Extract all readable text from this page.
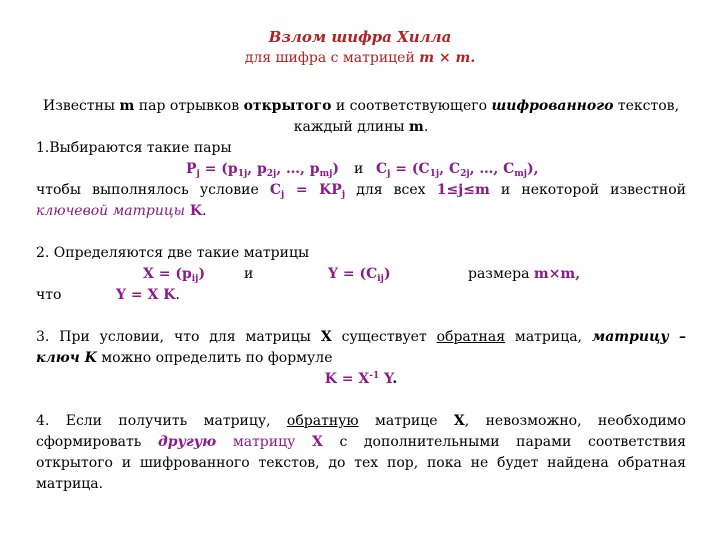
Взлом шифра Хилла
для шифра с матрицей m × m.
Известны m пар отрывков открытого и соответствующего шифрованного текстов,
каждый длины m.
1.Выбираются такие пары
$P_j = (p_{1j}$, $p_{2j}$, …, $p_{mj}$) и $C_j = (C_{1j}$, $C_{2j}$, …, $C_{mj}$),
чтобы выполнялось условие $C_j = KP_j$ для всех 1≤j≤m и некоторой известной
ключевой матрицы K.
2. Определяются две такие матрицы
$X = (p_{ij})$	и	$Y = (C_{ij})$	размера m×m,
что	Y = X K.
3. При условии, что для матрицы X существует обратная матрица, матрицу –
ключ K можно определить по формуле
$K = X^{-1}$ Y.
4. Если получить матрицу, обратную матрице X, невозможно, необходимо
сформировать другую матрицу X с дополнительными парами соответствия
открытого и шифрованного текстов, до тех пор, пока не будет найдена обратная
матрица.
